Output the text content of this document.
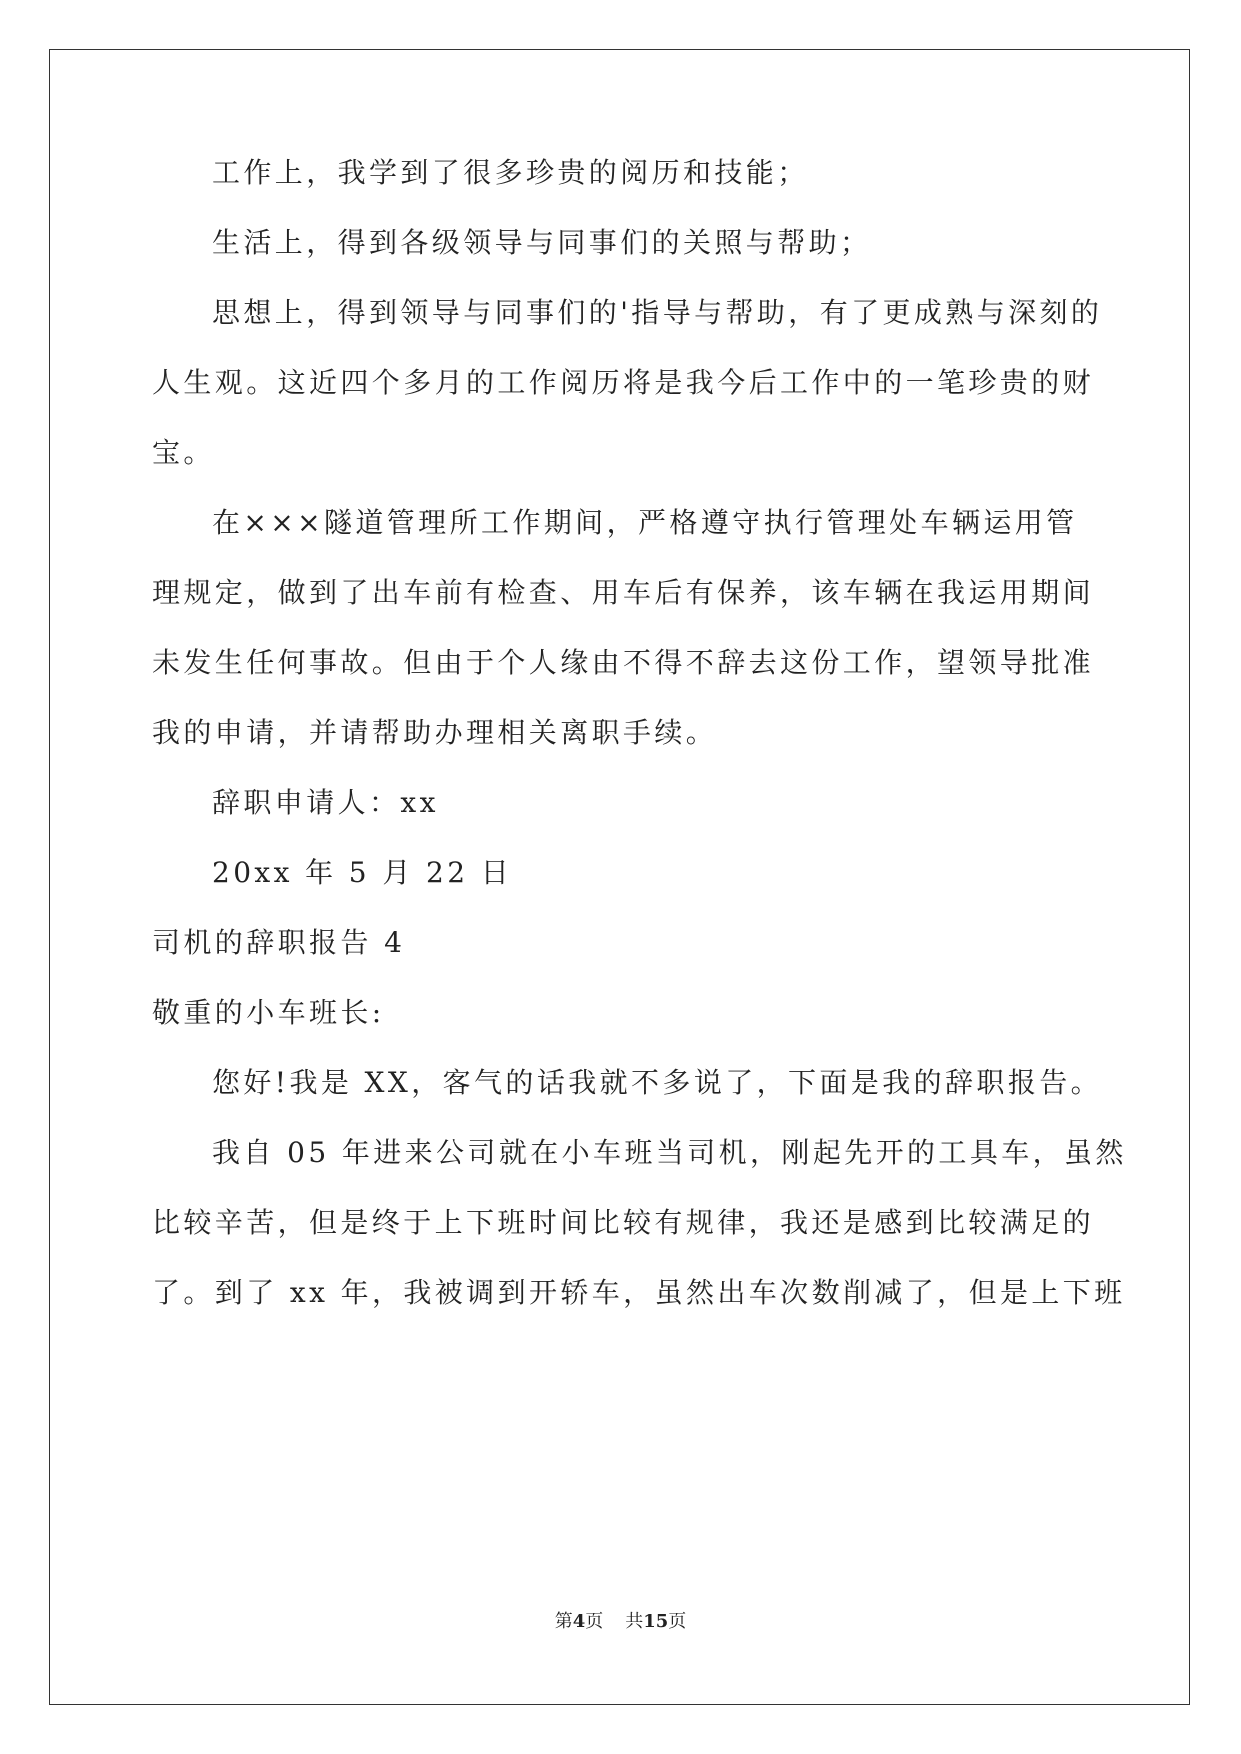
工作上，我学到了很多珍贵的阅历和技能；
生活上，得到各级领导与同事们的关照与帮助；
思想上，得到领导与同事们的'指导与帮助，有了更成熟与深刻的
人生观。这近四个多月的工作阅历将是我今后工作中的一笔珍贵的财
宝。
在×××隧道管理所工作期间，严格遵守执行管理处车辆运用管
理规定，做到了出车前有检查、用车后有保养，该车辆在我运用期间
未发生任何事故。但由于个人缘由不得不辞去这份工作，望领导批准
我的申请，并请帮助办理相关离职手续。
辞职申请人：xx
20xx 年 5 月 22 日
司机的辞职报告 4
敬重的小车班长:
您好!我是 XX，客气的话我就不多说了，下面是我的辞职报告。
我自 05 年进来公司就在小车班当司机，刚起先开的工具车，虽然
比较辛苦，但是终于上下班时间比较有规律，我还是感到比较满足的
了。到了 xx 年，我被调到开轿车，虽然出车次数削减了，但是上下班
第4页 共15页
